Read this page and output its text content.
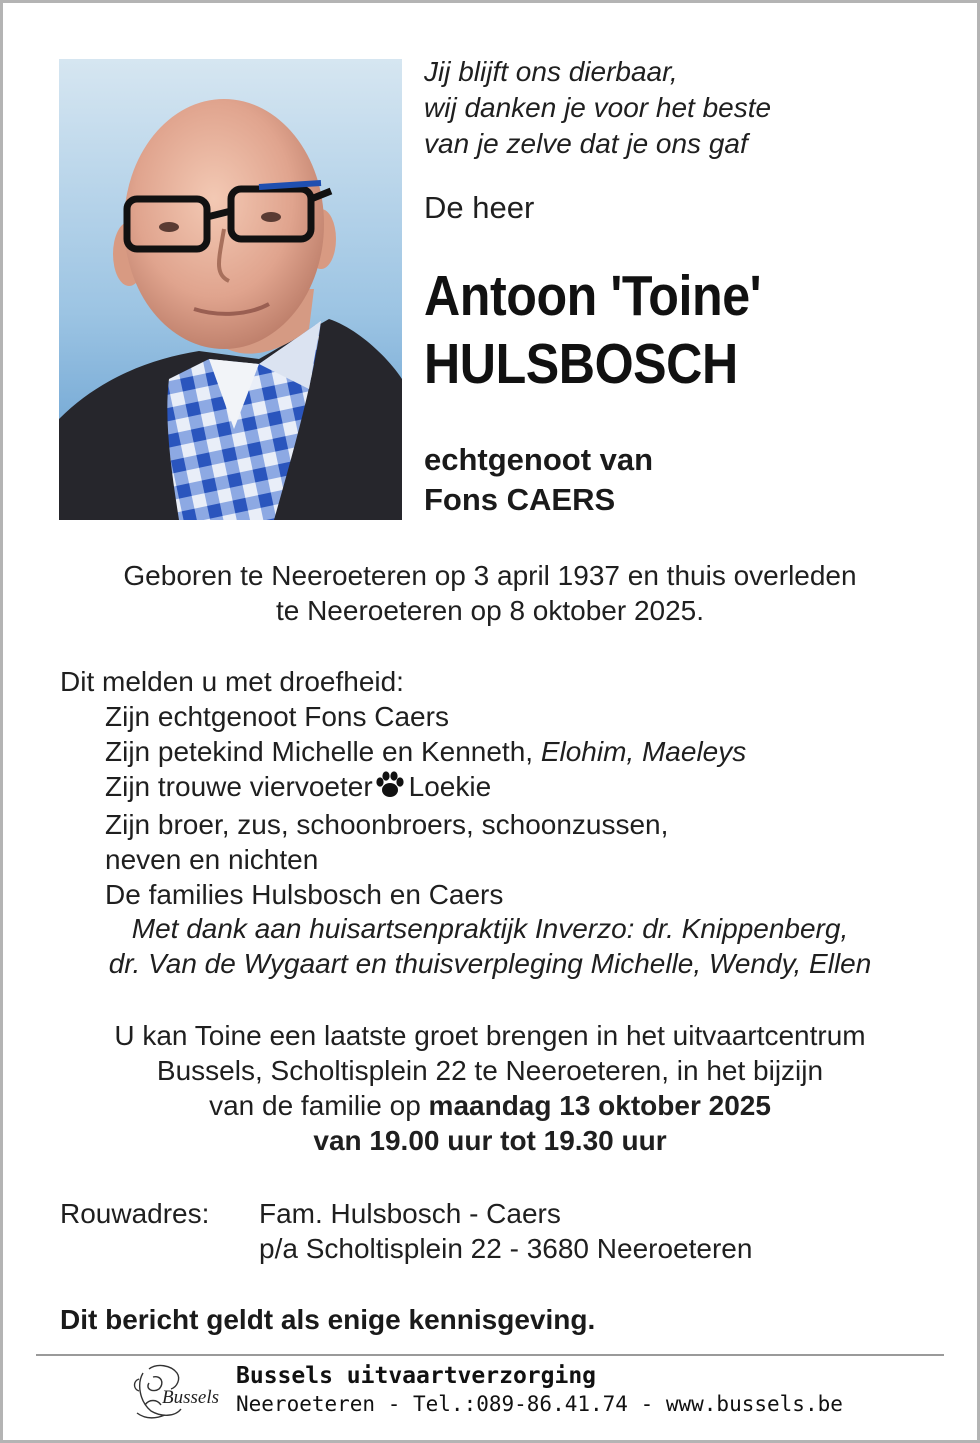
Jij blijft ons dierbaar,
wij danken je voor het beste
van je zelve dat je ons gaf
De heer
Antoon 'Toine'
HULSBOSCH
echtgenoot van
Fons CAERS
Geboren te Neeroeteren op 3 april 1937 en thuis overleden
te Neeroeteren op 8 oktober 2025.
Dit melden u met droefheid:
Zijn echtgenoot Fons Caers
Zijn petekind Michelle en Kenneth, Elohim, Maeleys
Zijn trouwe viervoeter Loekie
Zijn broer, zus, schoonbroers, schoonzussen,
neven en nichten
De families Hulsbosch en Caers
Met dank aan huisartsenpraktijk Inverzo: dr. Knippenberg,
dr. Van de Wygaart en thuisverpleging Michelle, Wendy, Ellen
U kan Toine een laatste groet brengen in het uitvaartcentrum
Bussels, Scholtisplein 22 te Neeroeteren, in het bijzijn
van de familie op maandag 13 oktober 2025
van 19.00 uur tot 19.30 uur
Rouwadres:	Fam. Hulsbosch - Caers
p/a Scholtisplein 22 - 3680 Neeroeteren
Dit bericht geldt als enige kennisgeving.
Bussels
Bussels uitvaartverzorging
Neeroeteren - Tel.:089-86.41.74 - www.bussels.be
